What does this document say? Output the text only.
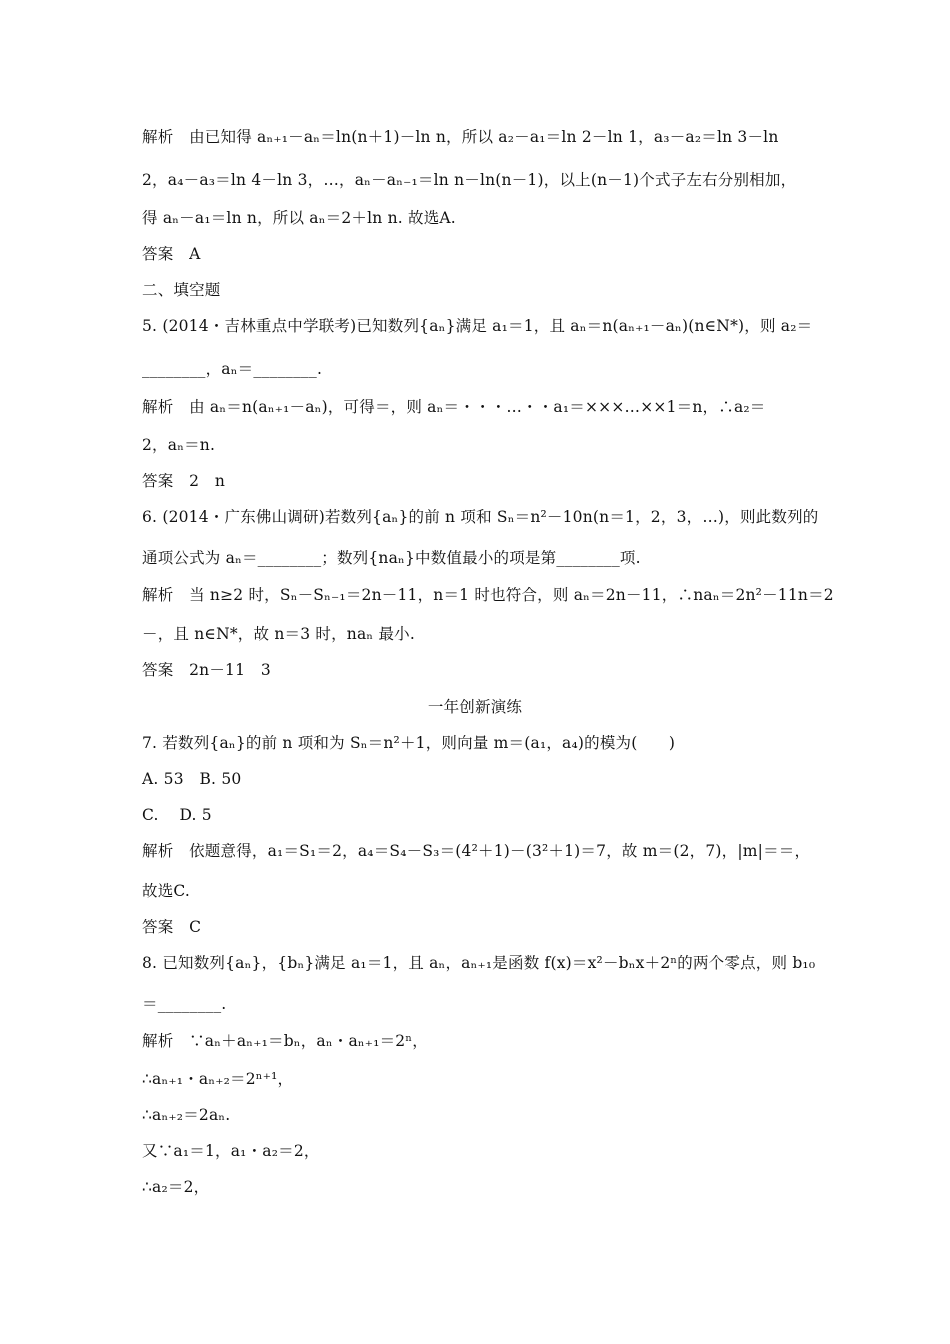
解析　由已知得 aₙ₊₁－aₙ＝ln(n＋1)－ln n，所以 a₂－a₁＝ln 2－ln 1，a₃－a₂＝ln 3－ln
2，a₄－a₃＝ln 4－ln 3，…，aₙ－aₙ₋₁＝ln n－ln(n－1)，以上(n－1)个式子左右分别相加，
得 aₙ－a₁＝ln n，所以 aₙ＝2＋ln n. 故选A.
答案　A
二、填空题
5. (2014・吉林重点中学联考)已知数列{aₙ}满足 a₁＝1，且 aₙ＝n(aₙ₊₁－aₙ)(n∈N*)，则 a₂＝
________，aₙ＝________.
解析　由 aₙ＝n(aₙ₊₁－aₙ)，可得＝，则 aₙ＝・・・…・・a₁＝×××…××1＝n，∴a₂＝
2，aₙ＝n.
答案　2　n
6. (2014・广东佛山调研)若数列{aₙ}的前 n 项和 Sₙ＝n²－10n(n＝1，2，3，…)，则此数列的
通项公式为 aₙ＝________；数列{naₙ}中数值最小的项是第________项.
解析　当 n≥2 时，Sₙ－Sₙ₋₁＝2n－11，n＝1 时也符合，则 aₙ＝2n－11，∴naₙ＝2n²－11n＝2
－，且 n∈N*，故 n＝3 时，naₙ 最小.
答案　2n－11　3
一年创新演练
7. 若数列{aₙ}的前 n 项和为 Sₙ＝n²＋1，则向量 m＝(a₁，a₄)的模为(　　)
A. 53　B. 50
C. 　D. 5
解析　依题意得，a₁＝S₁＝2，a₄＝S₄－S₃＝(4²＋1)－(3²＋1)＝7，故 m＝(2，7)，|m|＝＝，
故选C.
答案　C
8. 已知数列{aₙ}，{bₙ}满足 a₁＝1，且 aₙ，aₙ₊₁是函数 f(x)＝x²－bₙx＋2ⁿ的两个零点，则 b₁₀
＝________.
解析　∵aₙ＋aₙ₊₁＝bₙ，aₙ・aₙ₊₁＝2ⁿ，
∴aₙ₊₁・aₙ₊₂＝2ⁿ⁺¹，
∴aₙ₊₂＝2aₙ.
又∵a₁＝1，a₁・a₂＝2，
∴a₂＝2，
